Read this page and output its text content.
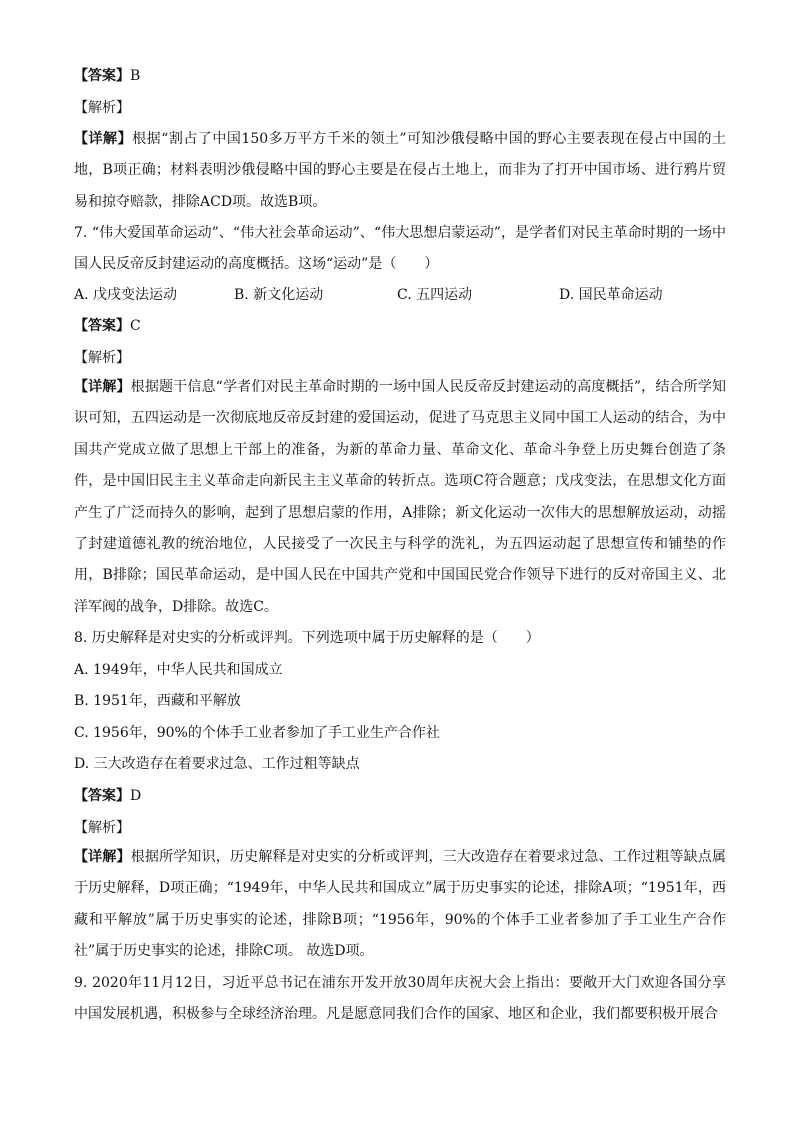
【答案】B
【解析】
【详解】根据“割占了中国150多万平方千米的领土”可知沙俄侵略中国的野心主要表现在侵占中国的土地，B项正确；材料表明沙俄侵略中国的野心主要是在侵占土地上，而非为了打开中国市场、进行鸦片贸易和掠夺赔款，排除ACD项。故选B项。
7. “伟大爱国革命运动”、“伟大社会革命运动”、“伟大思想启蒙运动”，是学者们对民主革命时期的一场中国人民反帝反封建运动的高度概括。这场“运动”是（　　）
A. 戊戌变法运动	B. 新文化运动	C. 五四运动	D. 国民革命运动
【答案】C
【解析】
【详解】根据题干信息“学者们对民主革命时期的一场中国人民反帝反封建运动的高度概括”，结合所学知识可知，五四运动是一次彻底地反帝反封建的爱国运动，促进了马克思主义同中国工人运动的结合，为中国共产党成立做了思想上干部上的准备，为新的革命力量、革命文化、革命斗争登上历史舞台创造了条件，是中国旧民主主义革命走向新民主主义革命的转折点。选项C符合题意；戊戌变法，在思想文化方面产生了广泛而持久的影响，起到了思想启蒙的作用，A排除；新文化运动一次伟大的思想解放运动，动摇了封建道德礼教的统治地位，人民接受了一次民主与科学的洗礼，为五四运动起了思想宣传和铺垫的作用，B排除；国民革命运动，是中国人民在中国共产党和中国国民党合作领导下进行的反对帝国主义、北洋军阀的战争，D排除。故选C。
8. 历史解释是对史实的分析或评判。下列选项中属于历史解释的是（　　）
A. 1949年，中华人民共和国成立
B. 1951年，西藏和平解放
C. 1956年，90%的个体手工业者参加了手工业生产合作社
D. 三大改造存在着要求过急、工作过粗等缺点
【答案】D
【解析】
【详解】根据所学知识，历史解释是对史实的分析或评判，三大改造存在着要求过急、工作过粗等缺点属于历史解释，D项正确；“1949年，中华人民共和国成立”属于历史事实的论述，排除A项；“1951年，西藏和平解放”属于历史事实的论述，排除B项；“1956年，90%的个体手工业者参加了手工业生产合作社”属于历史事实的论述，排除C项。 故选D项。
9. 2020年11月12日，习近平总书记在浦东开发开放30周年庆祝大会上指出：要敞开大门欢迎各国分享中国发展机遇，积极参与全球经济治理。凡是愿意同我们合作的国家、地区和企业，我们都要积极开展合
